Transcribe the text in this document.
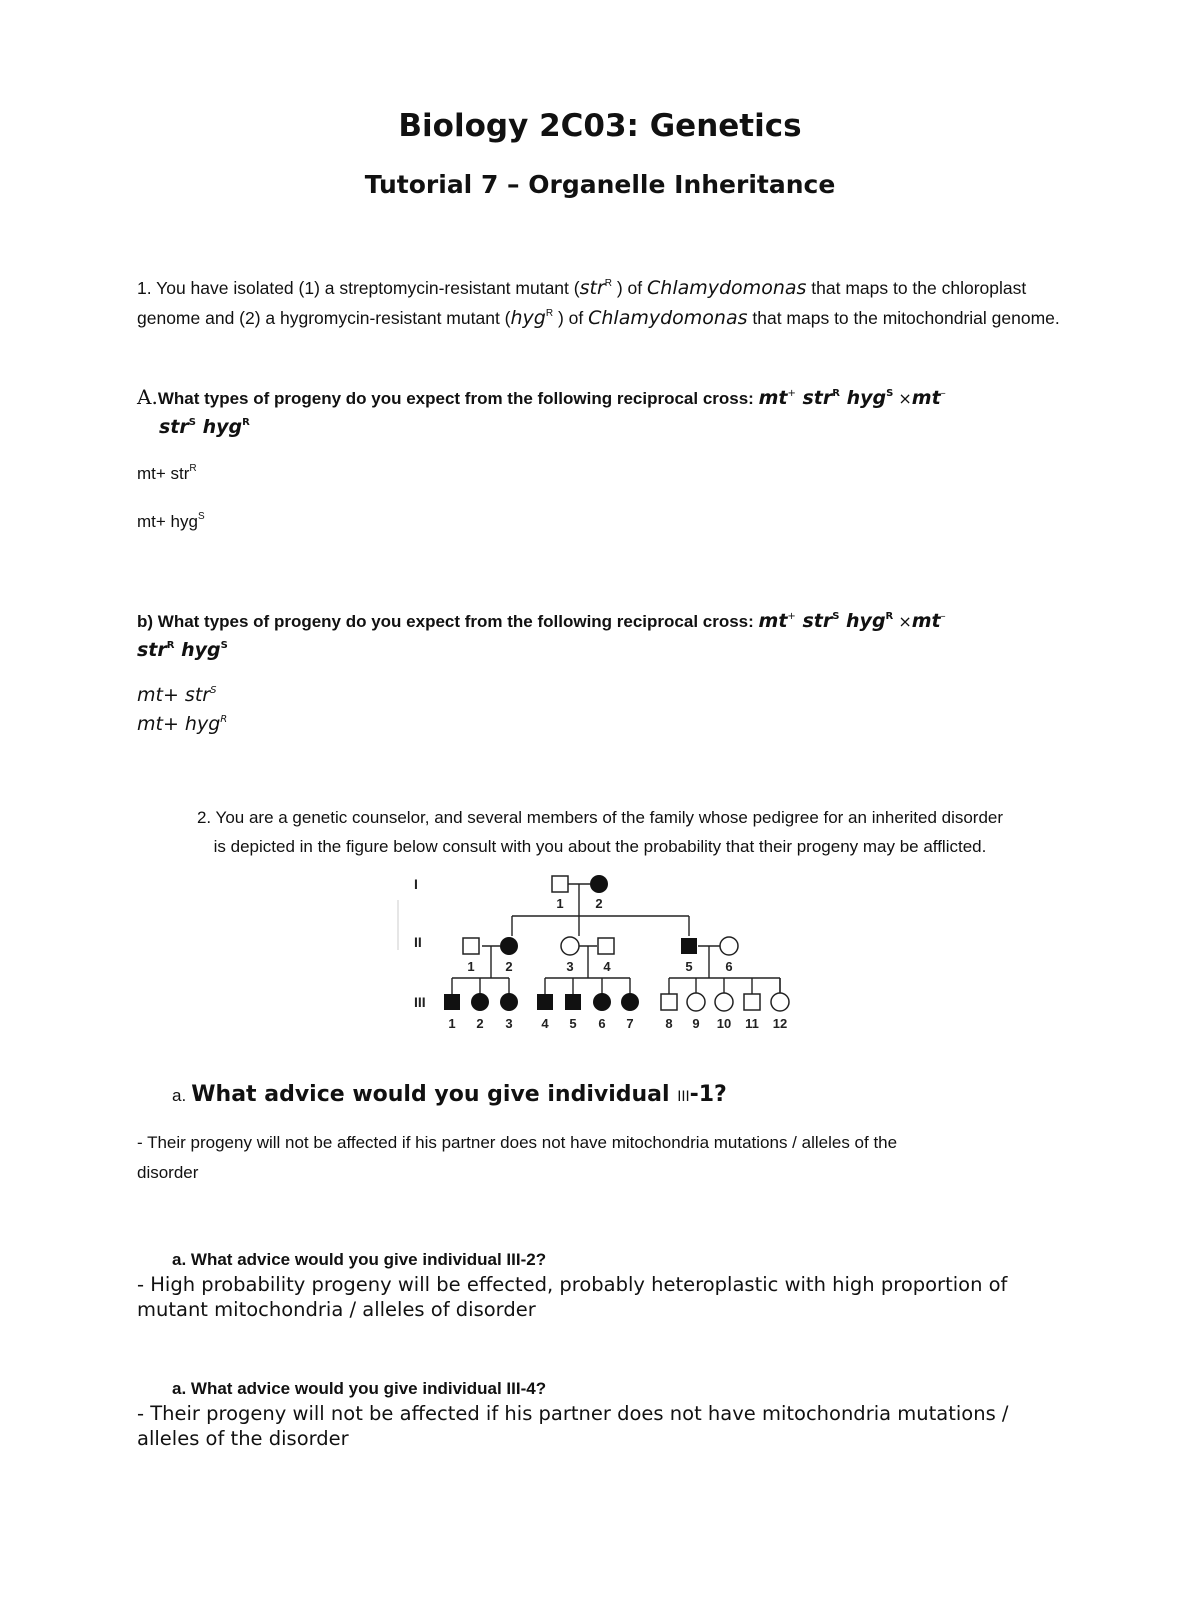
Biology 2C03: Genetics
Tutorial 7 – Organelle Inheritance
1. You have isolated (1) a streptomycin-resistant mutant (str$^R$ ) of Chlamydomonas that maps to the chloroplast genome and (2) a hygromycin-resistant mutant (hyg$^R$ ) of Chlamydomonas that maps to the mitochondrial genome.
A.What types of progeny do you expect from the following reciprocal cross: mt+ str$^R$ hyg$^S$ ×mt–
str$^S$ hyg$^R$
mt+ str$^R$
mt+ hyg$^S$
b) What types of progeny do you expect from the following reciprocal cross: mt+ str$^S$ hyg$^R$ ×mt–
str$^R$ hyg$^S$
mt+ str$^S$
mt+ hyg$^R$
2. You are a genetic counselor, and several members of the family whose pedigree for an inherited disorder
is depicted in the figure below consult with you about the probability that their progeny may be afflicted.
I
II
III
1 2
1 2	3 4	5	6
1 2 3 4 5 6 7 8 9 10 11 12
a. What advice would you give individual III-1?
- Their progeny will not be affected if his partner does not have mitochondria mutations / alleles of the
disorder
a. What advice would you give individual III-2?
- High probability progeny will be effected, probably heteroplastic with high proportion of mutant mitochondria / alleles of disorder
a. What advice would you give individual III-4?
- Their progeny will not be affected if his partner does not have mitochondria mutations / alleles of the disorder
